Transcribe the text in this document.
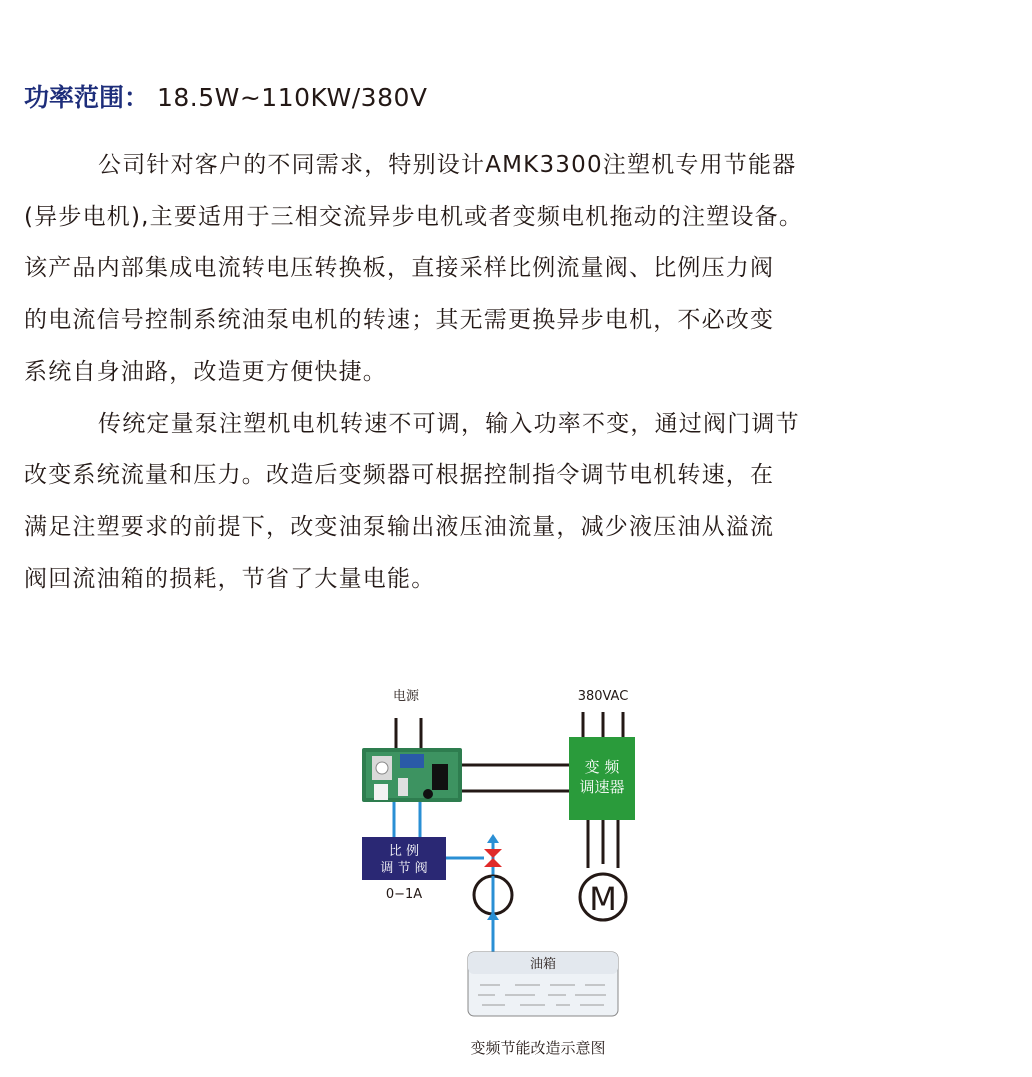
功率范围： 18.5W~110KW/380V

公司针对客户的不同需求，特别设计AMK3300注塑机专用节能器

(异步电机),主要适用于三相交流异步电机或者变频电机拖动的注塑设备。

该产品内部集成电流转电压转换板，直接采样比例流量阀、比例压力阀

的电流信号控制系统油泵电机的转速；其无需更换异步电机，不必改变

系统自身油路，改造更方便快捷。

传统定量泵注塑机电机转速不可调，输入功率不变，通过阀门调节

改变系统流量和压力。改造后变频器可根据控制指令调节电机转速，在

满足注塑要求的前提下，改变油泵输出液压油流量，减少液压油从溢流

阀回流油箱的损耗，节省了大量电能。

电源	380VAC
变 频
调速器
M
比 例
调 节 阀
0−1A
油箱
变频节能改造示意图
